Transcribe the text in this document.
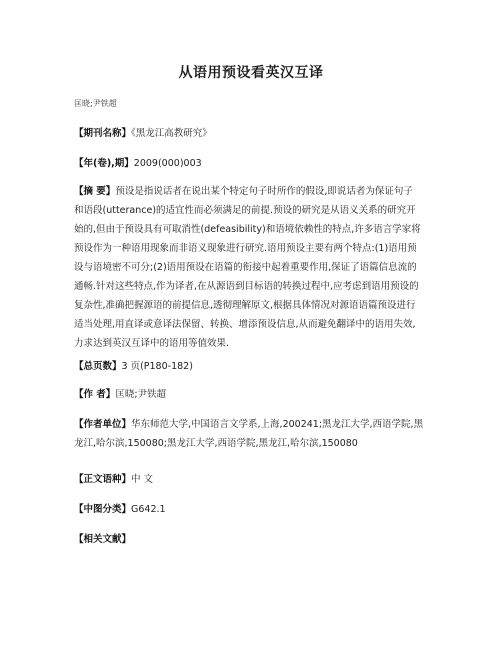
从语用预设看英汉互译
匡晓;尹铁超
【期刊名称】《黑龙江高教研究》
【年(卷),期】2009(000)003
【摘 要】预设是指说话者在说出某个特定句子时所作的假设,即说话者为保证句子
和语段(utterance)的适宜性而必须满足的前提.预设的研究是从语义关系的研究开
始的,但由于预设具有可取消性(defeasibility)和语境依赖性的特点,许多语言学家将
预设作为一种语用现象而非语义现象进行研究.语用预设主要有两个特点:(1)语用预
设与语境密不可分;(2)语用预设在语篇的衔接中起着重要作用,保证了语篇信息流的
通畅.针对这些特点,作为译者,在从源语到目标语的转换过程中,应考虑到语用预设的
复杂性,准确把握源语的前提信息,透彻理解原文,根据具体情况对源语语篇预设进行
适当处理,用直译或意译法保留、转换、增添预设信息,从而避免翻译中的语用失效,
力求达到英汉互译中的语用等值效果.
【总页数】3 页(P180-182)
【作 者】匡晓;尹铁超
【作者单位】华东师范大学,中国语言文学系,上海,200241;黑龙江大学,西语学院,黑
龙江,哈尔滨,150080;黑龙江大学,西语学院,黑龙江,哈尔滨,150080
【正文语种】中 文
【中图分类】G642.1
【相关文献】
